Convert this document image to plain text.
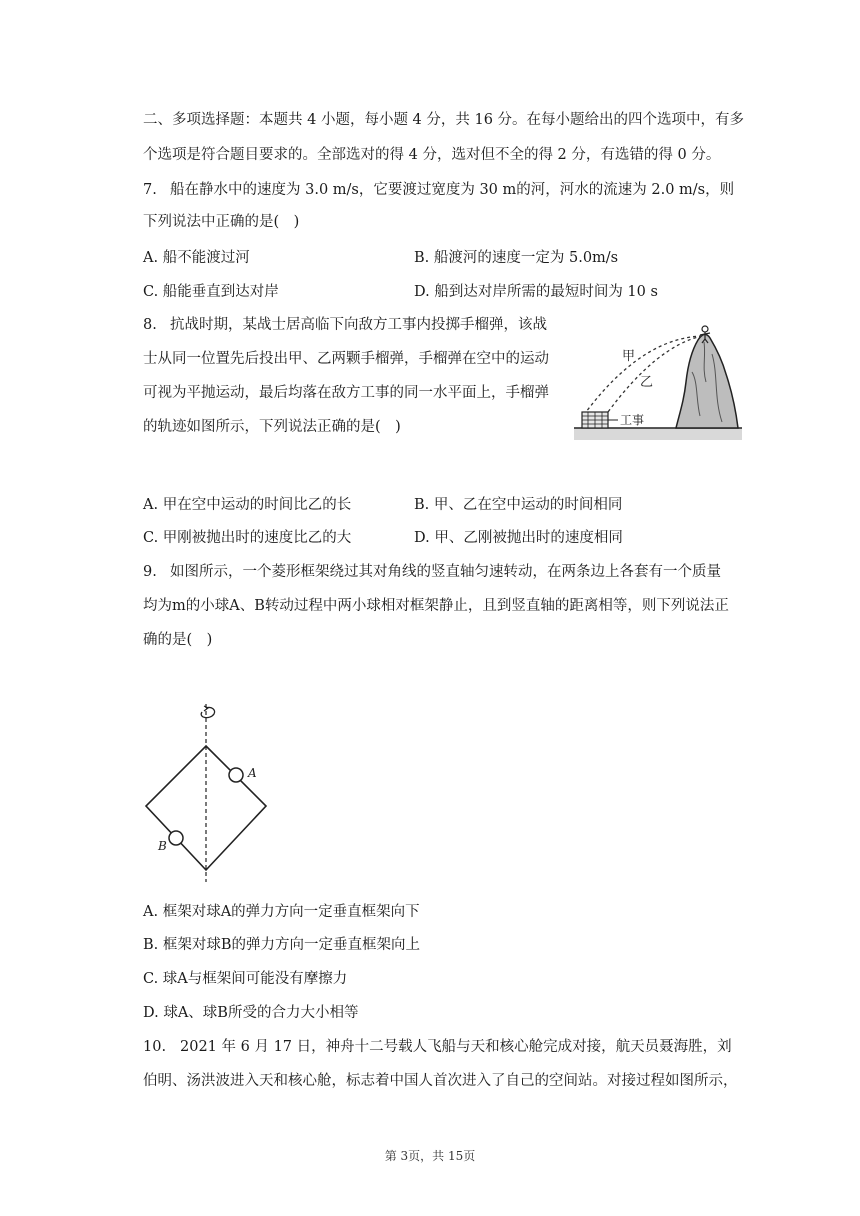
二、多项选择题：本题共 4 小题，每小题 4 分，共 16 分。在每小题给出的四个选项中，有多
个选项是符合题目要求的。全部选对的得 4 分，选对但不全的得 2 分，有选错的得 0 分。
7. 船在静水中的速度为 3.0 m/s，它要渡过宽度为 30 m的河，河水的流速为 2.0 m/s，则
下列说法中正确的是(　)
A. 船不能渡过河	B. 船渡河的速度一定为 5.0m/s
C. 船能垂直到达对岸	D. 船到达对岸所需的最短时间为 10 s
8. 抗战时期，某战士居高临下向敌方工事内投掷手榴弹，该战
士从同一位置先后投出甲、乙两颗手榴弹，手榴弹在空中的运动
可视为平抛运动，最后均落在敌方工事的同一水平面上，手榴弹
的轨迹如图所示，下列说法正确的是(　)
甲
乙
工事
A. 甲在空中运动的时间比乙的长	B. 甲、乙在空中运动的时间相同
C. 甲刚被抛出时的速度比乙的大	D. 甲、乙刚被抛出时的速度相同
9. 如图所示，一个菱形框架绕过其对角线的竖直轴匀速转动，在两条边上各套有一个质量
均为m的小球A、B转动过程中两小球相对框架静止，且到竖直轴的距离相等，则下列说法正
确的是(　)
A
B
A. 框架对球A的弹力方向一定垂直框架向下
B. 框架对球B的弹力方向一定垂直框架向上
C. 球A与框架间可能没有摩擦力
D. 球A、球B所受的合力大小相等
10. 2021 年 6 月 17 日，神舟十二号载人飞船与天和核心舱完成对接，航天员聂海胜，刘
伯明、汤洪波进入天和核心舱，标志着中国人首次进入了自己的空间站。对接过程如图所示，
第 3页，共 15页
